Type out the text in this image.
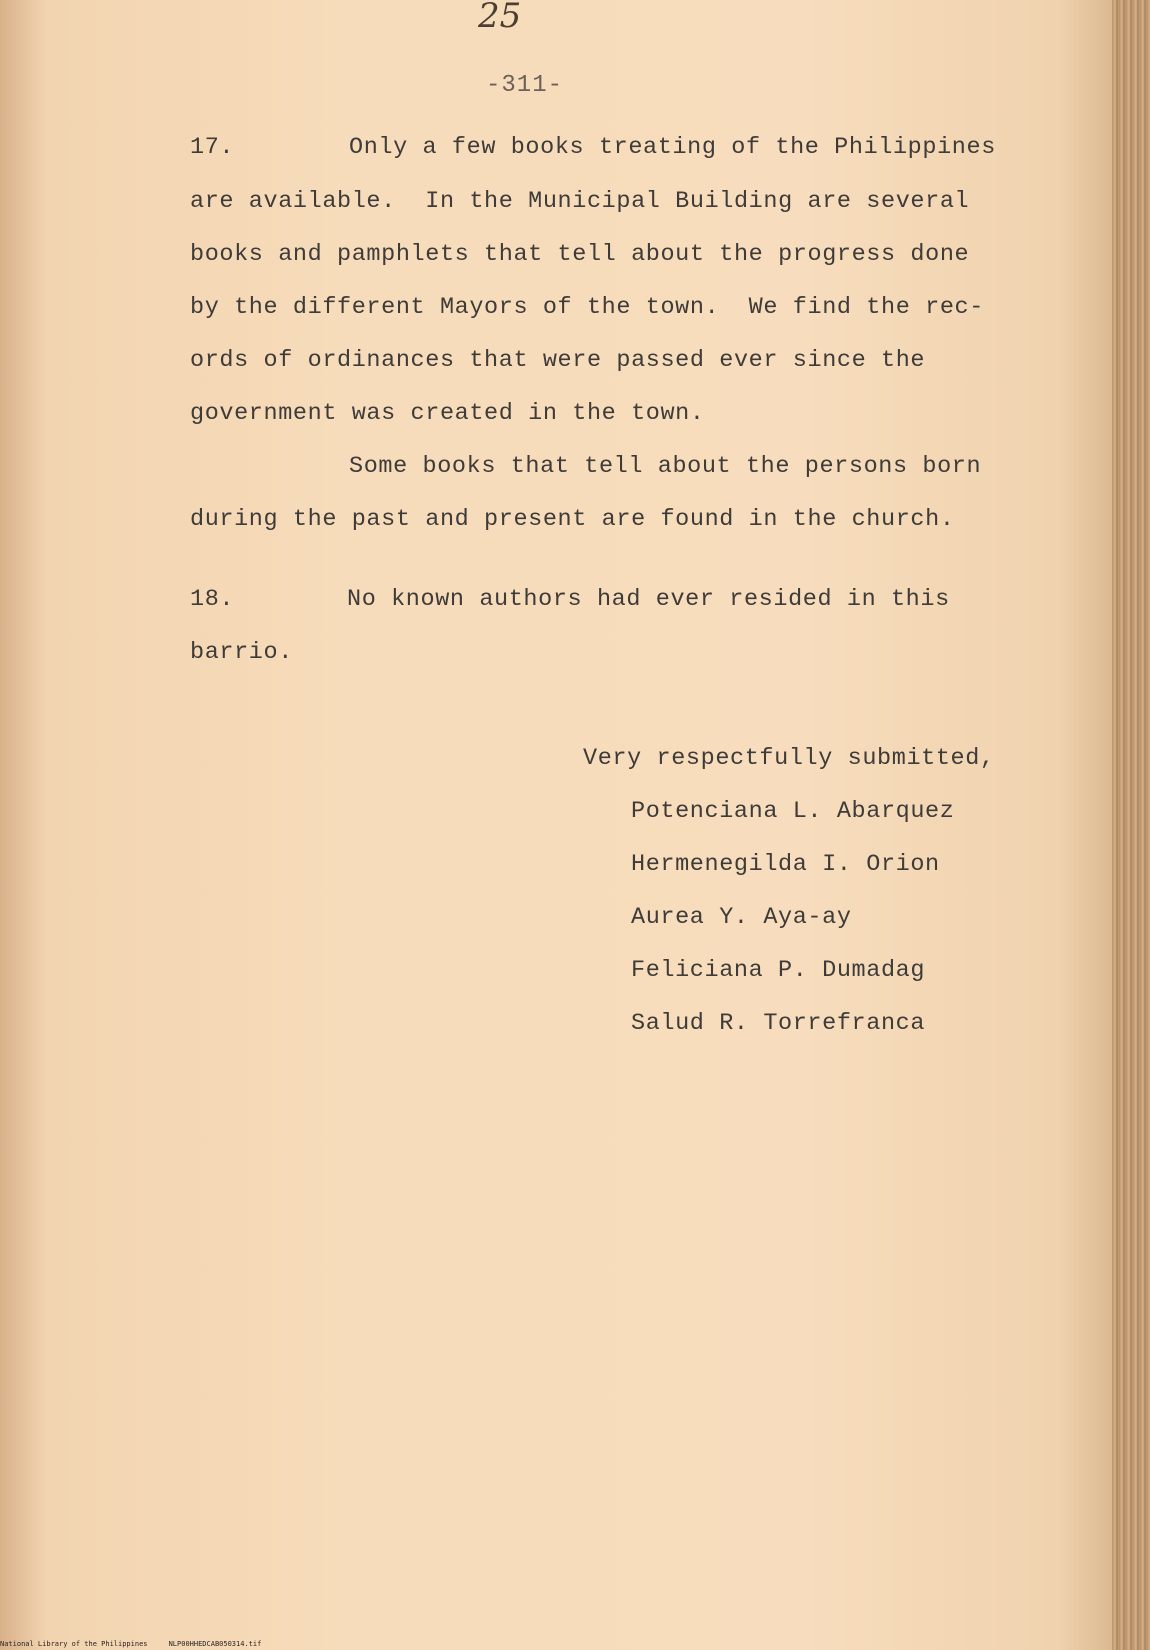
25
-311-
17.	Only a few books treating of the Philippines
are available.  In the Municipal Building are several
books and pamphlets that tell about the progress done
by the different Mayors of the town.  We find the rec-
ords of ordinances that were passed ever since the
government was created in the town.
Some books that tell about the persons born
during the past and present are found in the church.
18.	No known authors had ever resided in this
barrio.
Very respectfully submitted,
Potenciana L. Abarquez
Hermenegilda I. Orion
Aurea Y. Aya-ay
Feliciana P. Dumadag
Salud R. Torrefranca
National Library of the Philippines	NLP00HHEDCAB050314.tif
